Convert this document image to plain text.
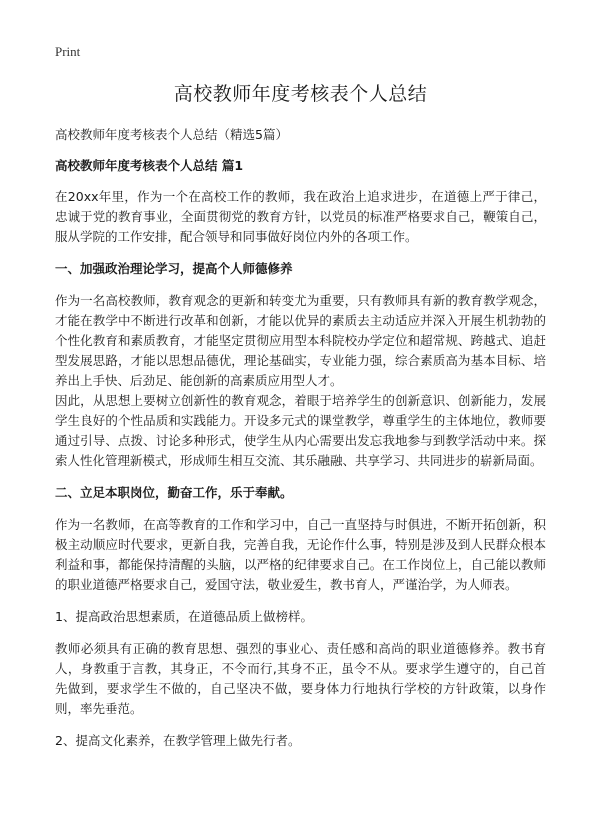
Print
高校教师年度考核表个人总结
高校教师年度考核表个人总结（精选5篇）
高校教师年度考核表个人总结 篇1

在20xx年里，作为一个在高校工作的教师，我在政治上追求进步，在道德上严于律己，忠诚于党的教育事业，全面贯彻党的教育方针，以党员的标准严格要求自己，鞭策自己，服从学院的工作安排，配合领导和同事做好岗位内外的各项工作。

一、加强政治理论学习，提高个人师德修养

作为一名高校教师，教育观念的更新和转变尤为重要，只有教师具有新的教育教学观念，才能在教学中不断进行改革和创新，才能以优异的素质去主动适应并深入开展生机勃勃的个性化教育和素质教育，才能坚定贯彻应用型本科院校办学定位和超常规、跨越式、追赶型发展思路，才能以思想品德优，理论基础实，专业能力强，综合素质高为基本目标、培养出上手快、后劲足、能创新的高素质应用型人才。

因此，从思想上要树立创新性的教育观念，着眼于培养学生的创新意识、创新能力，发展学生良好的个性品质和实践能力。开设多元式的课堂教学，尊重学生的主体地位，教师要通过引导、点拨、讨论多种形式，使学生从内心需要出发忘我地参与到教学活动中来。探索人性化管理新模式，形成师生相互交流、其乐融融、共享学习、共同进步的崭新局面。

二、立足本职岗位，勤奋工作，乐于奉献。

作为一名教师，在高等教育的工作和学习中，自己一直坚持与时俱进，不断开拓创新，积极主动顺应时代要求，更新自我，完善自我，无论作什么事，特别是涉及到人民群众根本利益和事，都能保持清醒的头脑，以严格的纪律要求自己。在工作岗位上，自己能以教师的职业道德严格要求自己，爱国守法，敬业爱生，教书育人，严谨治学，为人师表。

1、提高政治思想素质，在道德品质上做榜样。

教师必须具有正确的教育思想、强烈的事业心、责任感和高尚的职业道德修养。教书育人，身教重于言教，其身正，不令而行,其身不正，虽令不从。要求学生遵守的，自己首先做到，要求学生不做的，自己坚决不做，要身体力行地执行学校的方针政策，以身作则，率先垂范。

2、提高文化素养，在教学管理上做先行者。
